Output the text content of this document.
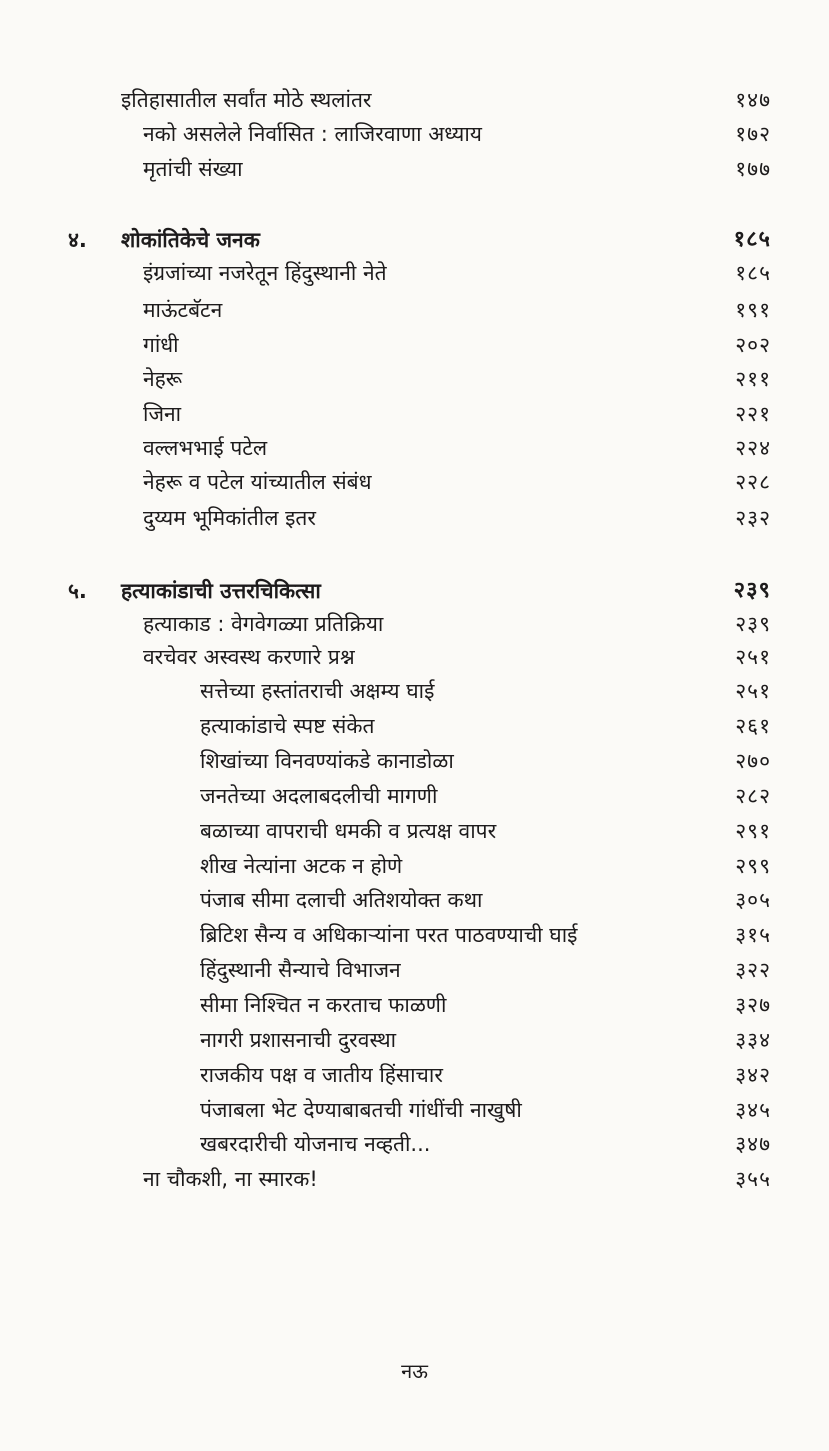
इतिहासातील सर्वांत मोठे स्थलांतर	१४७
नको असलेले निर्वासित : लाजिरवाणा अध्याय	१७२
मृतांची संख्या	१७७
४. शोकांतिकेचे जनक	१८५
इंग्रजांच्या नजरेतून हिंदुस्थानी नेते	१८५
माऊंटबॅटन	१९१
गांधी	२०२
नेहरू	२११
जिना	२२१
वल्लभभाई पटेल	२२४
नेहरू व पटेल यांच्यातील संबंध	२२८
दुय्यम भूमिकांतील इतर	२३२
५. हत्याकांडाची उत्तरचिकित्सा	२३९
हत्याकाड : वेगवेगळ्या प्रतिक्रिया	२३९
वरचेवर अस्वस्थ करणारे प्रश्न	२५१
सत्तेच्या हस्तांतराची अक्षम्य घाई	२५१
हत्याकांडाचे स्पष्ट संकेत	२६१
शिखांच्या विनवण्यांकडे कानाडोळा	२७०
जनतेच्या अदलाबदलीची मागणी	२८२
बळाच्या वापराची धमकी व प्रत्यक्ष वापर	२९१
शीख नेत्यांना अटक न होणे	२९९
पंजाब सीमा दलाची अतिशयोक्त कथा	३०५
ब्रिटिश सैन्य व अधिकाऱ्यांना परत पाठवण्याची घाई	३१५
हिंदुस्थानी सैन्याचे विभाजन	३२२
सीमा निश्चित न करताच फाळणी	३२७
नागरी प्रशासनाची दुरवस्था	३३४
राजकीय पक्ष व जातीय हिंसाचार	३४२
पंजाबला भेट देण्याबाबतची गांधींची नाखुषी	३४५
खबरदारीची योजनाच नव्हती...	३४७
ना चौकशी, ना स्मारक!	३५५
नऊ
